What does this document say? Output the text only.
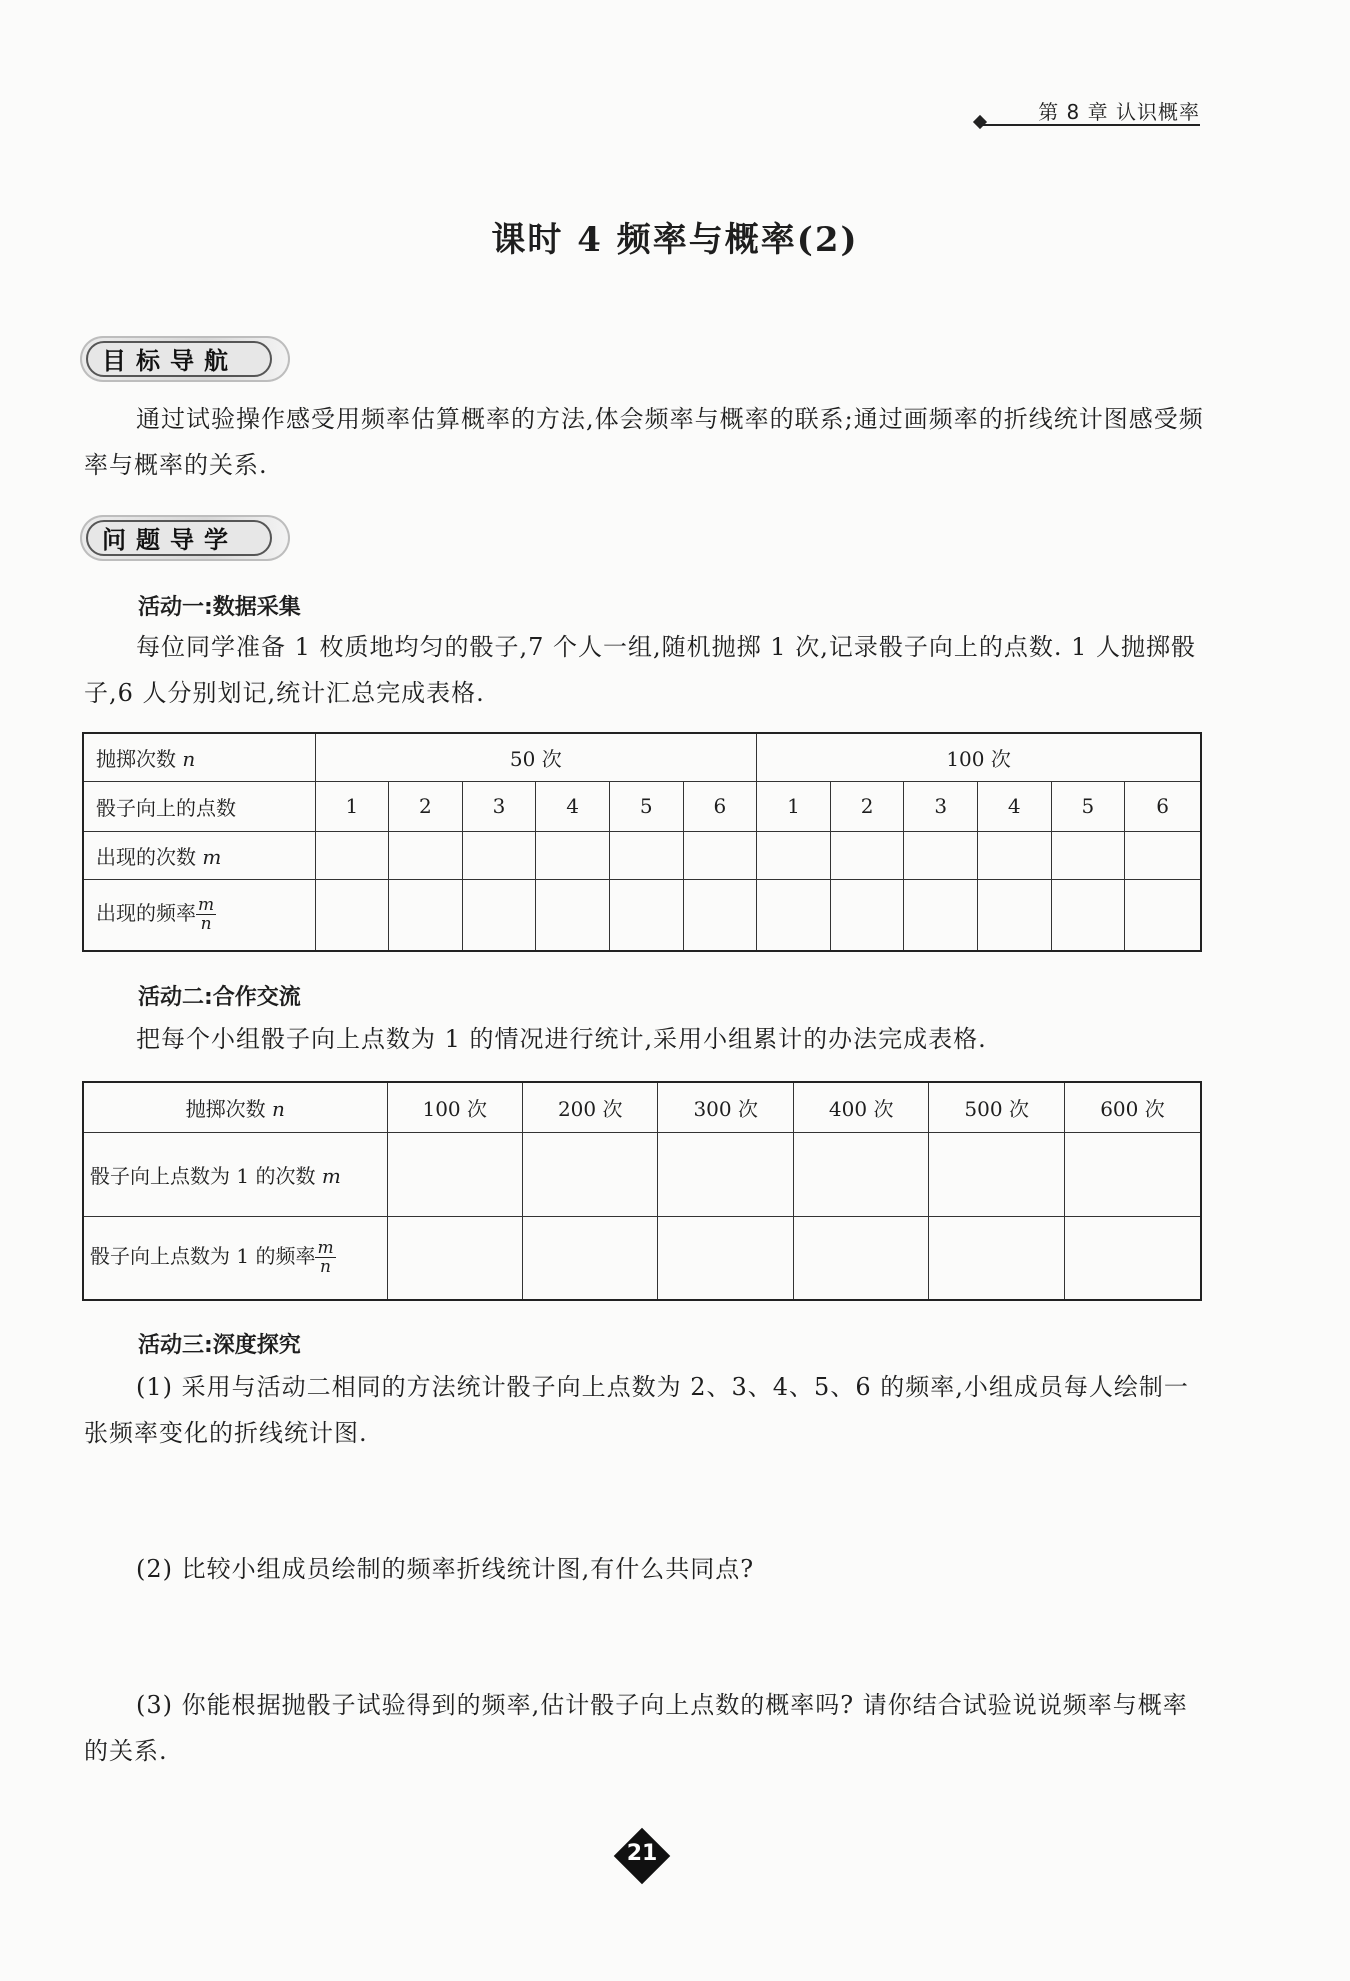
第 8 章 认识概率
课时 4 频率与概率(2)
目标导航
通过试验操作感受用频率估算概率的方法,体会频率与概率的联系;通过画频率的折线统计图感受频率与概率的关系.
问题导学
活动一:数据采集
每位同学准备 1 枚质地均匀的骰子,7 个人一组,随机抛掷 1 次,记录骰子向上的点数. 1 人抛掷骰子,6 人分别划记,统计汇总完成表格.
抛掷次数 n	50 次						100 次					
骰子向上的点数	1	2	3	4	5	6	1	2	3	4	5	6
出现的次数 m												
出现的频率 $\frac{m}{n}$

活动二:合作交流
把每个小组骰子向上点数为 1 的情况进行统计,采用小组累计的办法完成表格.
抛掷次数 n	100 次	200 次	300 次	400 次	500 次	600 次
骰子向上点数为 1 的次数 m						
骰子向上点数为 1 的频率 $\frac{m}{n}$

活动三:深度探究
(1) 采用与活动二相同的方法统计骰子向上点数为 2、3、4、5、6 的频率,小组成员每人绘制一张频率变化的折线统计图.
(2) 比较小组成员绘制的频率折线统计图,有什么共同点?
(3) 你能根据抛骰子试验得到的频率,估计骰子向上点数的概率吗? 请你结合试验说说频率与概率的关系.
21
